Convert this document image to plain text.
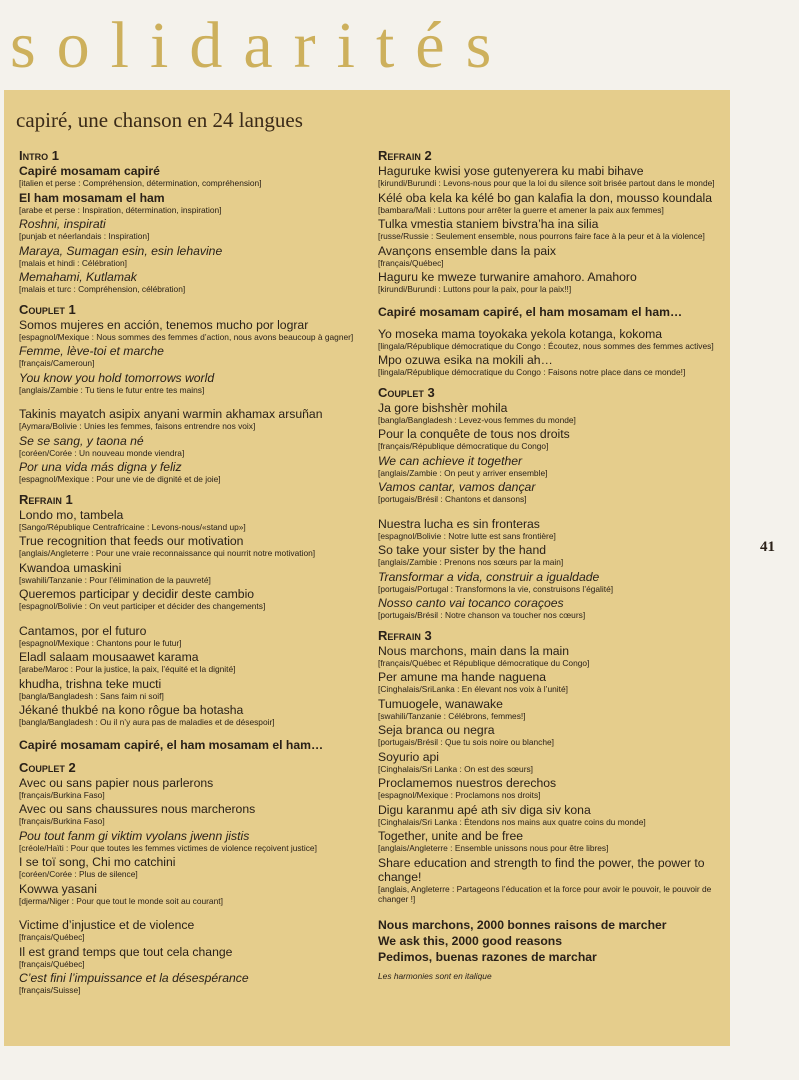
solidarités
capiré, une chanson en 24 langues
Intro 1
Capiré mosamam capiré
[italien et perse : Compréhension, détermination, compréhension]
El ham mosamam el ham
[arabe et perse : Inspiration, détermination, inspiration]
Roshni, inspirati
[punjab et néerlandais : Inspiration]
Maraya, Sumagan esin, esin lehavine
[malais et hindi : Célébration]
Memahami, Kutlamak
[malais et turc : Compréhension, célébration]
Couplet 1
Somos mujeres en acción, tenemos mucho por lograr
[espagnol/Mexique : Nous sommes des femmes d’action, nous avons beaucoup à gagner]
Femme, lève-toi et marche
[français/Cameroun]
You know you hold tomorrows world
[anglais/Zambie : Tu tiens le futur entre tes mains]
Takinis mayatch asipix anyani warmin akhamax arsuñan
[Aymara/Bolivie : Unies les femmes, faisons entrendre nos voix]
Se se sang, y taona né
[coréen/Corée : Un nouveau monde viendra]
Por una vida más digna y feliz
[espagnol/Mexique : Pour une vie de dignité et de joie]
Refrain 1
Londo mo, tambela
[Sango/République Centrafricaine : Levons-nous/«stand up»]
True recognition that feeds our motivation
[anglais/Angleterre : Pour une vraie reconnaissance qui nourrit notre motivation]
Kwandoa umaskini
[swahili/Tanzanie : Pour l’élimination de la pauvreté]
Queremos participar y decidir deste cambio
[espagnol/Bolivie : On veut participer et décider des changements]
Cantamos, por el futuro
[espagnol/Mexique : Chantons pour le futur]
Eladl salaam mousaawet karama
[arabe/Maroc : Pour la justice, la paix, l’équité et la dignité]
khudha, trishna teke mucti
[bangla/Bangladesh : Sans faim ni soif]
Jékané thukbé na kono rôgue ba hotasha
[bangla/Bangladesh : Ou il n’y aura pas de maladies et de désespoir]
Capiré mosamam capiré, el ham mosamam el ham…
Couplet 2
Avec ou sans papier nous parlerons
[français/Burkina Faso]
Avec ou sans chaussures nous marcherons
[français/Burkina Faso]
Pou tout fanm gi viktim vyolans jwenn jistis
[créole/Haïti : Pour que toutes les femmes victimes de violence reçoivent justice]
I se toï song, Chi mo catchini
[coréen/Corée : Plus de silence]
Kowwa yasani
[djerma/Niger : Pour que tout le monde soit au courant]
Victime d’injustice et de violence
[français/Québec]
Il est grand temps que tout cela change
[français/Québec]
C’est fini l’impuissance et la désespérance
[français/Suisse]
Refrain 2
Haguruke kwisi yose gutenyerera ku mabi bihave
[kirundi/Burundi : Levons-nous pour que la loi du silence soit brisée partout dans le monde]
Kélé oba kela ka kélé bo gan kalafia la don, mousso koundala
[bambara/Mali : Luttons pour arrêter la guerre et amener la paix aux femmes]
Tulka vmestia staniem bivstra’ha ina silia
[russe/Russie : Seulement ensemble, nous pourrons faire face à la peur et à la violence]
Avançons ensemble dans la paix
[français/Québec]
Haguru ke mweze turwanire amahoro. Amahoro
[kirundi/Burundi : Luttons pour la paix, pour la paix!!]
Capiré mosamam capiré, el ham mosamam el ham…
Yo moseka mama toyokaka yekola kotanga, kokoma
[lingala/République démocratique du Congo : Écoutez, nous sommes des femmes actives]
Mpo ozuwa esika na mokili ah…
[lingala/République démocratique du Congo : Faisons notre place dans ce monde!]
Couplet 3
Ja gore bishshèr mohila
[bangla/Bangladesh : Levez-vous femmes du monde]
Pour la conquête de tous nos droits
[français/République démocratique du Congo]
We can achieve it together
[anglais/Zambie : On peut y arriver ensemble]
Vamos cantar, vamos dançar
[portugais/Brésil : Chantons et dansons]
Nuestra lucha es sin fronteras
[espagnol/Bolivie : Notre lutte est sans frontière]
So take your sister by the hand
[anglais/Zambie : Prenons nos sœurs par la main]
Transformar a vida, construir a igualdade
[portugais/Portugal : Transformons la vie, construisons l’égalité]
Nosso canto vai tocanco coraçoes
[portugais/Brésil : Notre chanson va toucher nos cœurs]
Refrain 3
Nous marchons, main dans la main
[français/Québec et République démocratique du Congo]
Per amune ma hande naguena
[Cinghalais/SriLanka : En élevant nos voix à l’unité]
Tumuogele, wanawake
[swahili/Tanzanie : Célébrons, femmes!]
Seja branca ou negra
[portugais/Brésil : Que tu sois noire ou blanche]
Soyurio api
[Cinghalais/Sri Lanka : On est des sœurs]
Proclamemos nuestros derechos
[espagnol/Mexique : Proclamons nos droits]
Digu karanmu apé ath siv diga siv kona
[Cinghalais/Sri Lanka : Étendons nos mains aux quatre coins du monde]
Together, unite and be free
[anglais/Angleterre : Ensemble unissons nous pour être libres]
Share education and strength to find the power, the power to change!
[anglais, Angleterre : Partageons l’éducation et la force pour avoir le pouvoir, le pouvoir de changer !]
Nous marchons, 2000 bonnes raisons de marcher
We ask this, 2000 good reasons
Pedimos, buenas razones de marchar
Les harmonies sont en italique
41
